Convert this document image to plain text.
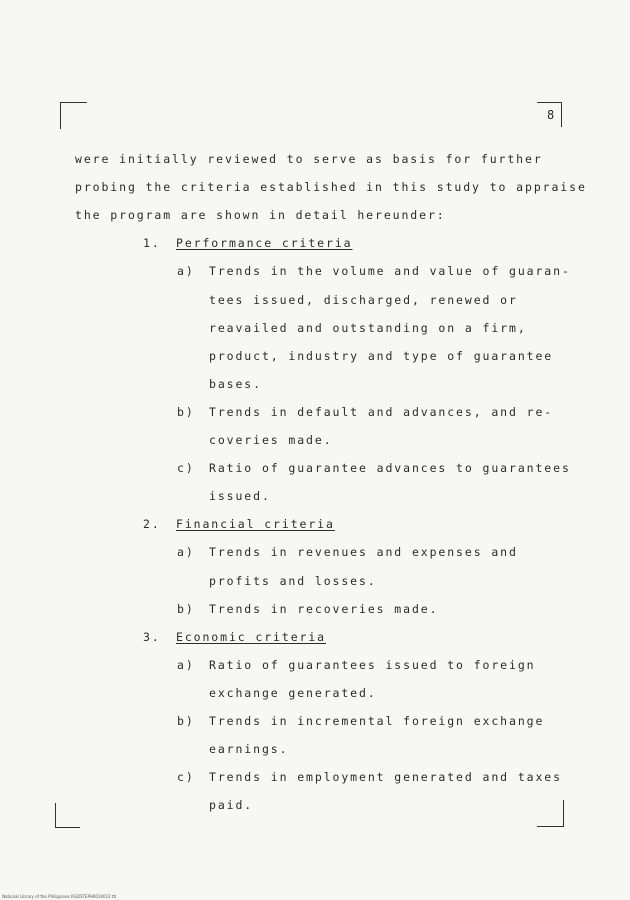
8
were initially reviewed to serve as basis for further
probing the criteria established in this study to appraise
the program are shown in detail hereunder:
1. Performance criteria
a) Trends in the volume and value of guaran-
tees issued, discharged, renewed or
reavailed and outstanding on a firm,
product, industry and type of guarantee
bases.
b) Trends in default and advances, and re-
coveries made.
c) Ratio of guarantee advances to guarantees
issued.
2. Financial criteria
a) Trends in revenues and expenses and
profits and losses.
b) Trends in recoveries made.
3. Economic criteria
a) Ratio of guarantees issued to foreign
exchange generated.
b) Trends in incremental foreign exchange
earnings.
c) Trends in employment generated and taxes
paid.
National Library of the Philippines RGDSTEPH0010012 ttl
